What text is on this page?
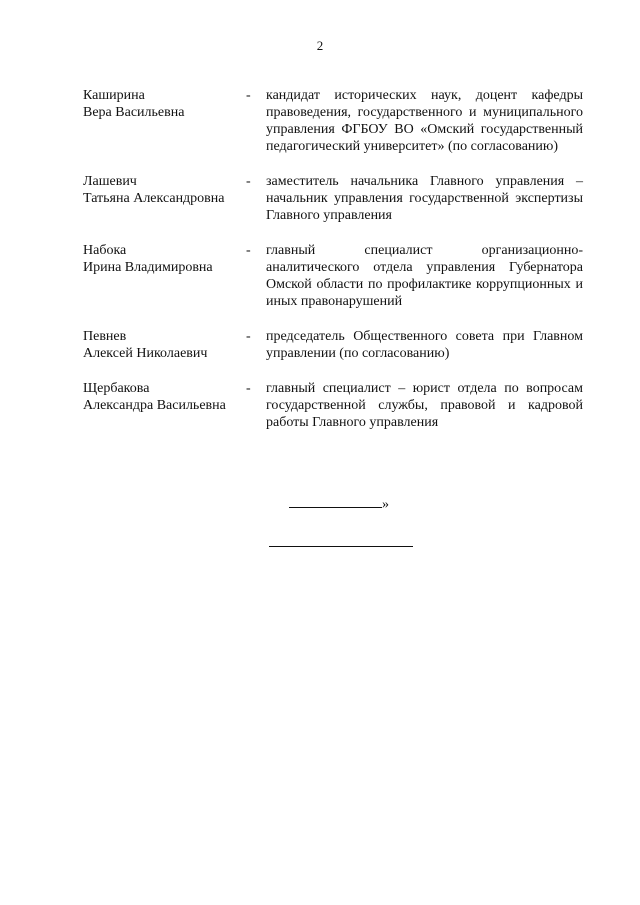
2
Каширина
Вера Васильевна
-	кандидат исторических наук, доцент кафедры правоведения, государственного и муниципального управления ФГБОУ ВО «Омский государственный педагогический университет» (по согласованию)
Лашевич
Татьяна Александровна
-	заместитель начальника Главного управления – начальник управления государственной экспертизы Главного управления
Набока
Ирина Владимировна
-	главный специалист организационно-аналитического отдела управления Губернатора Омской области по профилактике коррупционных и иных правонарушений
Певнев
Алексей Николаевич
-	председатель Общественного совета при Главном управлении (по согласованию)
Щербакова
Александра Васильевна
-	главный специалист – юрист отдела по вопросам государственной службы, правовой и кадровой работы Главного управления
»
